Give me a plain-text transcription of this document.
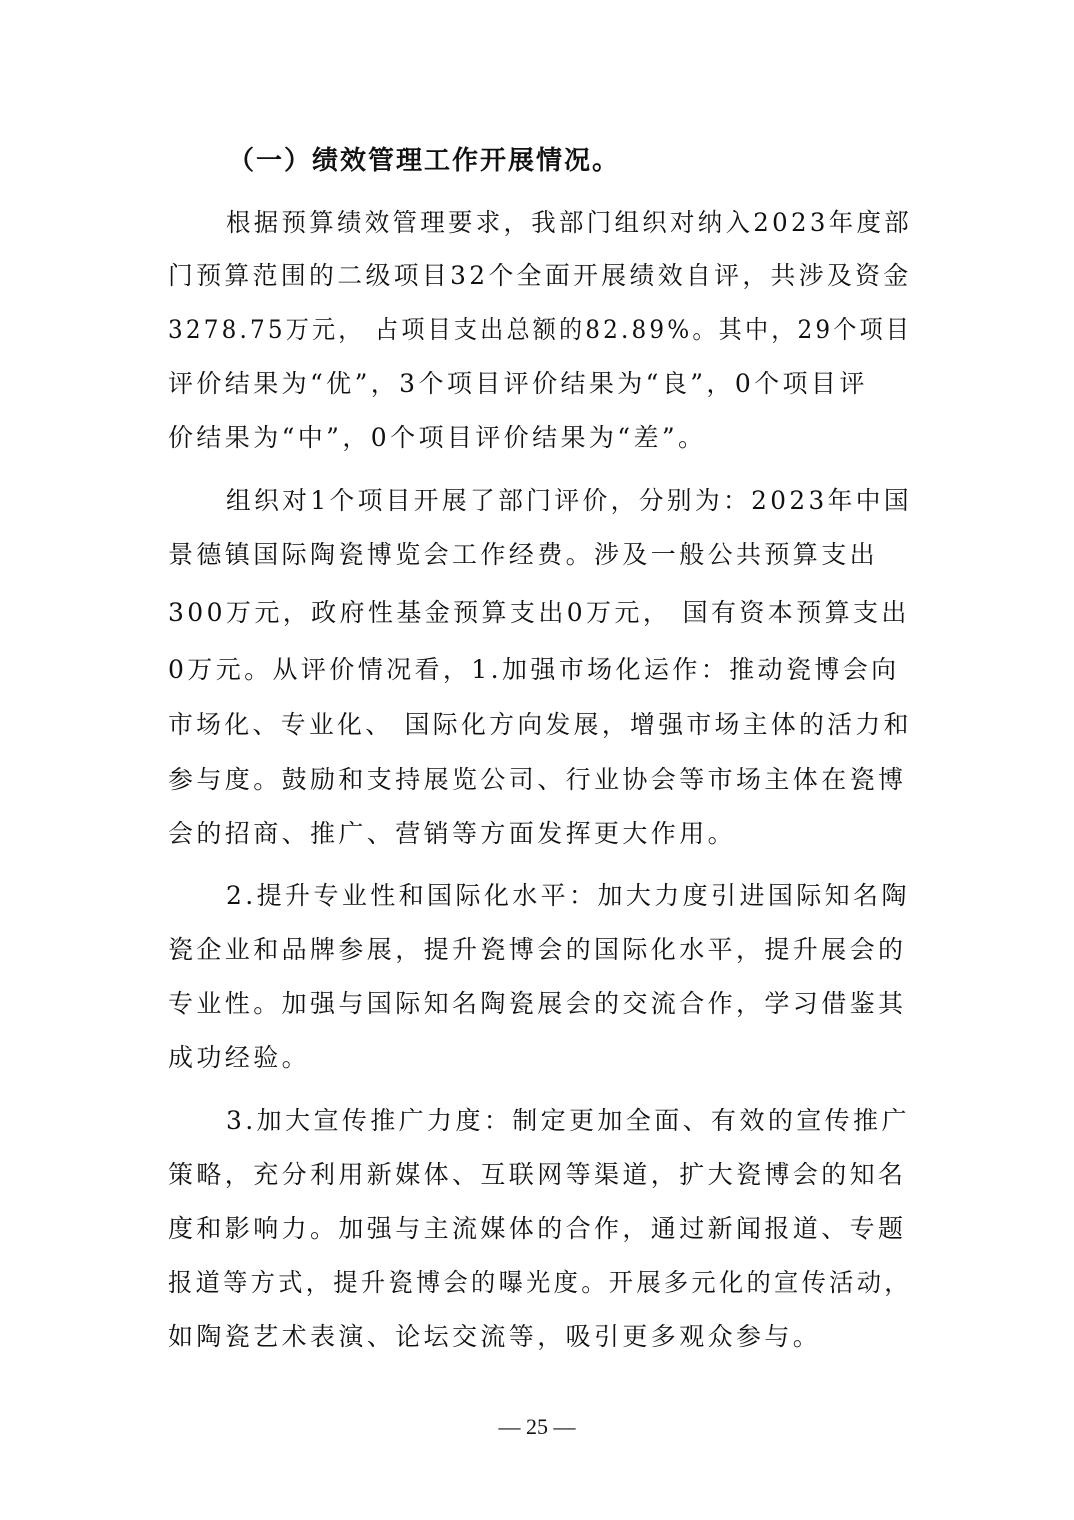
（一）绩效管理工作开展情况。
根据预算绩效管理要求，我部门组织对纳入2023年度部
门预算范围的二级项目32个全面开展绩效自评，共涉及资金
3278.75万元， 占项目支出总额的82.89%。其中，29个项目
评价结果为“优”，3个项目评价结果为“良”，0个项目评
价结果为“中”，0个项目评价结果为“差”。
组织对1个项目开展了部门评价，分别为：2023年中国
景德镇国际陶瓷博览会工作经费。涉及一般公共预算支出
300万元，政府性基金预算支出0万元， 国有资本预算支出
0万元。从评价情况看，1.加强市场化运作：推动瓷博会向
市场化、专业化、 国际化方向发展，增强市场主体的活力和
参与度。鼓励和支持展览公司、行业协会等市场主体在瓷博
会的招商、推广、营销等方面发挥更大作用。
2.提升专业性和国际化水平：加大力度引进国际知名陶
瓷企业和品牌参展，提升瓷博会的国际化水平，提升展会的
专业性。加强与国际知名陶瓷展会的交流合作，学习借鉴其
成功经验。
3.加大宣传推广力度：制定更加全面、有效的宣传推广
策略，充分利用新媒体、互联网等渠道，扩大瓷博会的知名
度和影响力。加强与主流媒体的合作，通过新闻报道、专题
报道等方式，提升瓷博会的曝光度。开展多元化的宣传活动，
如陶瓷艺术表演、论坛交流等，吸引更多观众参与。
— 25 —
